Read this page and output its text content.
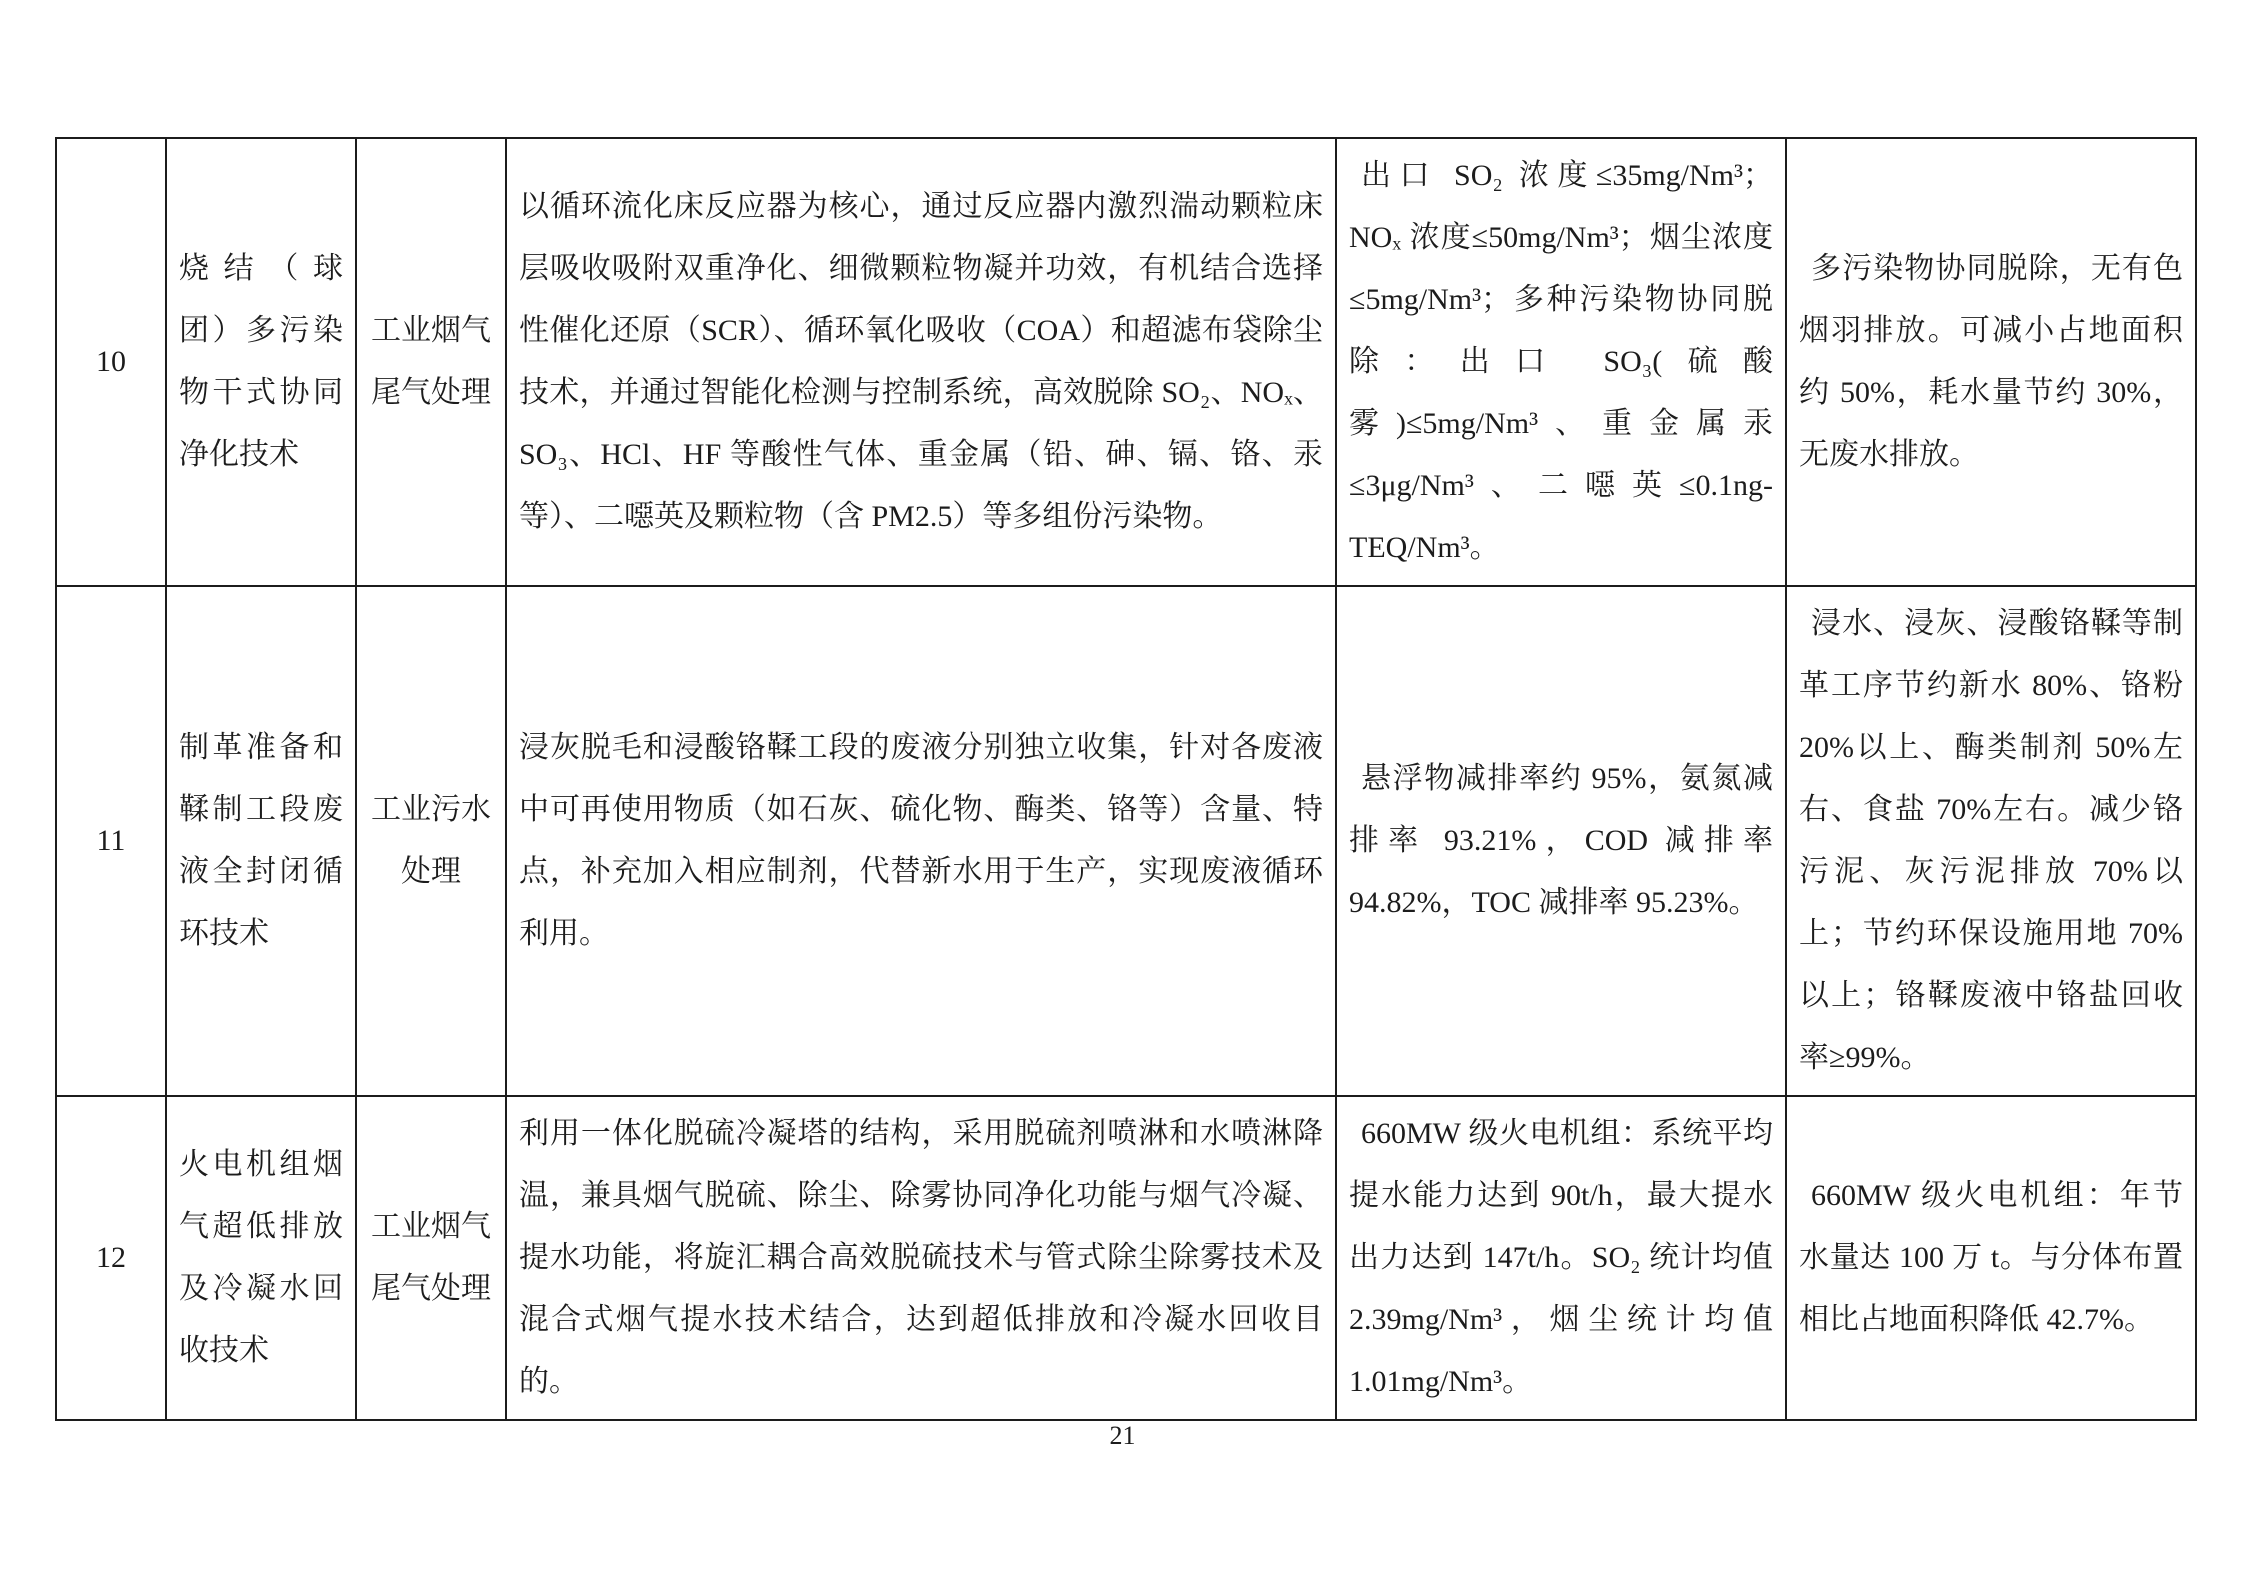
10	烧结（球团）多污染物干式协同净化技术	工业烟气尾气处理	以循环流化床反应器为核心，通过反应器内激烈湍动颗粒床层吸收吸附双重净化、细微颗粒物凝并功效，有机结合选择性催化还原（SCR）、循环氧化吸收（COA）和超滤布袋除尘技术，并通过智能化检测与控制系统，高效脱除 SO₂、NOₓ、SO₃、HCl、HF 等酸性气体、重金属（铅、砷、镉、铬、汞等）、二噁英及颗粒物（含 PM2.5）等多组份污染物。	出口 SO₂ 浓度≤35mg/Nm³；NOₓ 浓度≤50mg/Nm³；烟尘浓度≤5mg/Nm³；多种污染物协同脱除：出口 SO₃(硫酸雾)≤5mg/Nm³、重金属汞≤3μg/Nm³、二噁英≤0.1ng-TEQ/Nm³。	多污染物协同脱除，无有色烟羽排放。可减小占地面积约 50%，耗水量节约 30%，无废水排放。
11	制革准备和鞣制工段废液全封闭循环技术	工业污水处理	浸灰脱毛和浸酸铬鞣工段的废液分别独立收集，针对各废液中可再使用物质（如石灰、硫化物、酶类、铬等）含量、特点，补充加入相应制剂，代替新水用于生产，实现废液循环利用。	悬浮物减排率约 95%，氨氮减排率 93.21%，COD 减排率 94.82%，TOC 减排率 95.23%。	浸水、浸灰、浸酸铬鞣等制革工序节约新水 80%、铬粉 20%以上、酶类制剂 50%左右、食盐 70%左右。减少铬污泥、灰污泥排放 70%以上；节约环保设施用地 70%以上；铬鞣废液中铬盐回收率≥99%。
12	火电机组烟气超低排放及冷凝水回收技术	工业烟气尾气处理	利用一体化脱硫冷凝塔的结构，采用脱硫剂喷淋和水喷淋降温，兼具烟气脱硫、除尘、除雾协同净化功能与烟气冷凝、提水功能，将旋汇耦合高效脱硫技术与管式除尘除雾技术及混合式烟气提水技术结合，达到超低排放和冷凝水回收目的。	660MW 级火电机组：系统平均提水能力达到 90t/h，最大提水出力达到 147t/h。SO₂ 统计均值 2.39mg/Nm³，烟尘统计均值 1.01mg/Nm³。	660MW 级火电机组：年节水量达 100 万 t。与分体布置相比占地面积降低 42.7%。
21
